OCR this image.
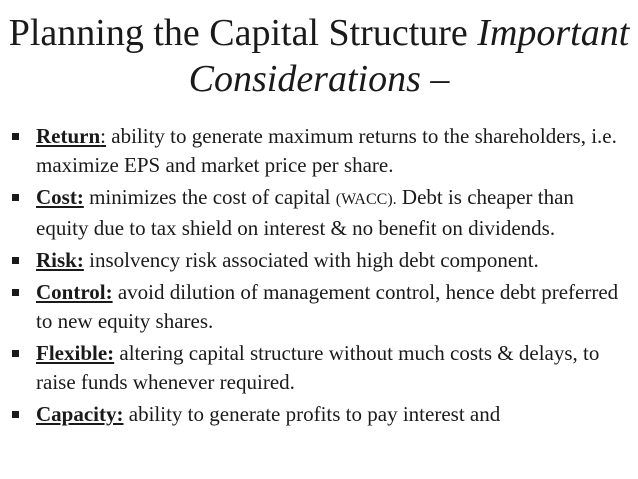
Planning the Capital Structure Important
Considerations –
Return: ability to generate maximum returns to the shareholders, i.e. maximize EPS and market price per share.
Cost: minimizes the cost of capital (WACC). Debt is cheaper than equity due to tax shield on interest & no benefit on dividends.
Risk: insolvency risk associated with high debt component.
Control: avoid dilution of management control, hence debt preferred to new equity shares.
Flexible: altering capital structure without much costs & delays, to raise funds whenever required.
Capacity: ability to generate profits to pay interest and
